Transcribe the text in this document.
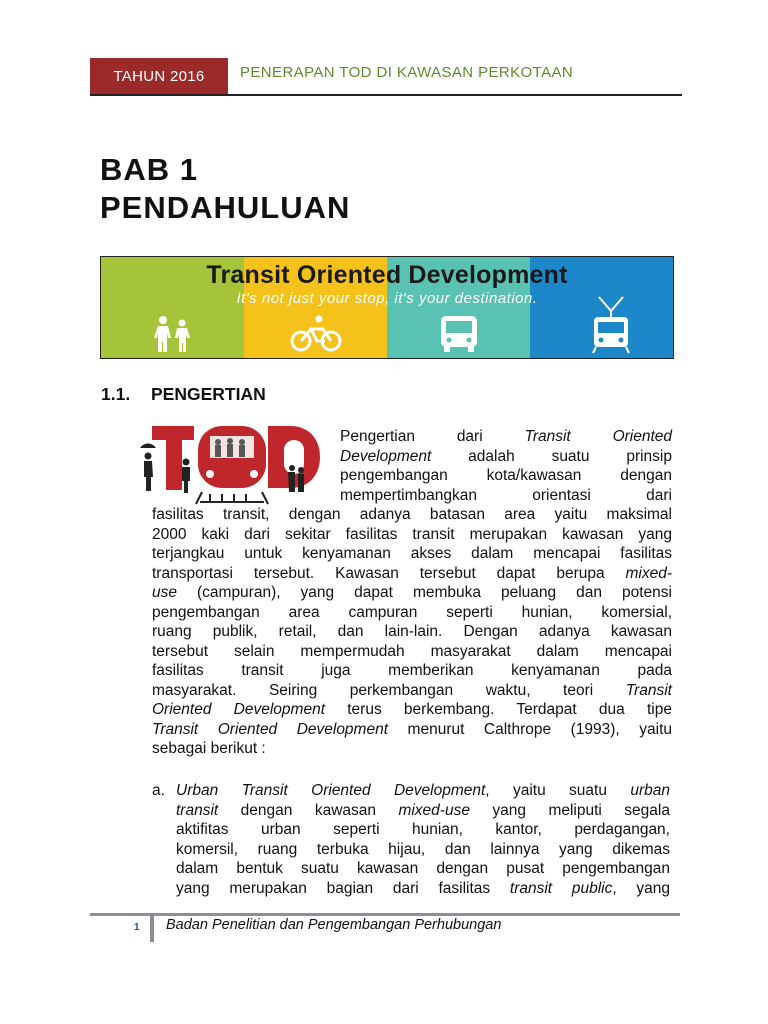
TAHUN 2016	PENERAPAN TOD DI KAWASAN PERKOTAAN
BAB 1
PENDAHULUAN
Transit Oriented Development
It's not just your stop, it's your destination.
1.1. PENGERTIAN
Pengertian	dari	Transit	Oriented
Development adalah suatu prinsip
pengembangan	kota/kawasan	dengan
mempertimbangkan	orientasi	dari
fasilitas transit, dengan adanya batasan area yaitu maksimal
2000 kaki dari sekitar fasilitas transit merupakan kawasan yang
terjangkau untuk kenyamanan akses dalam mencapai fasilitas
transportasi tersebut. Kawasan tersebut dapat berupa mixed-
use (campuran), yang dapat membuka peluang dan potensi
pengembangan area campuran seperti hunian, komersial,
ruang publik, retail, dan lain-lain. Dengan adanya kawasan
tersebut selain mempermudah masyarakat dalam mencapai
fasilitas transit juga memberikan kenyamanan pada
masyarakat. Seiring perkembangan waktu, teori Transit
Oriented Development terus berkembang. Terdapat dua tipe
Transit Oriented Development menurut Calthrope (1993), yaitu
sebagai berikut :
a. Urban Transit Oriented Development, yaitu suatu urban
transit dengan kawasan mixed-use yang meliputi segala
aktifitas urban seperti hunian, kantor, perdagangan,
komersil, ruang terbuka hijau, dan lainnya yang dikemas
dalam bentuk suatu kawasan dengan pusat pengembangan
yang merupakan bagian dari fasilitas transit public, yang
1 Badan Penelitian dan Pengembangan Perhubungan
